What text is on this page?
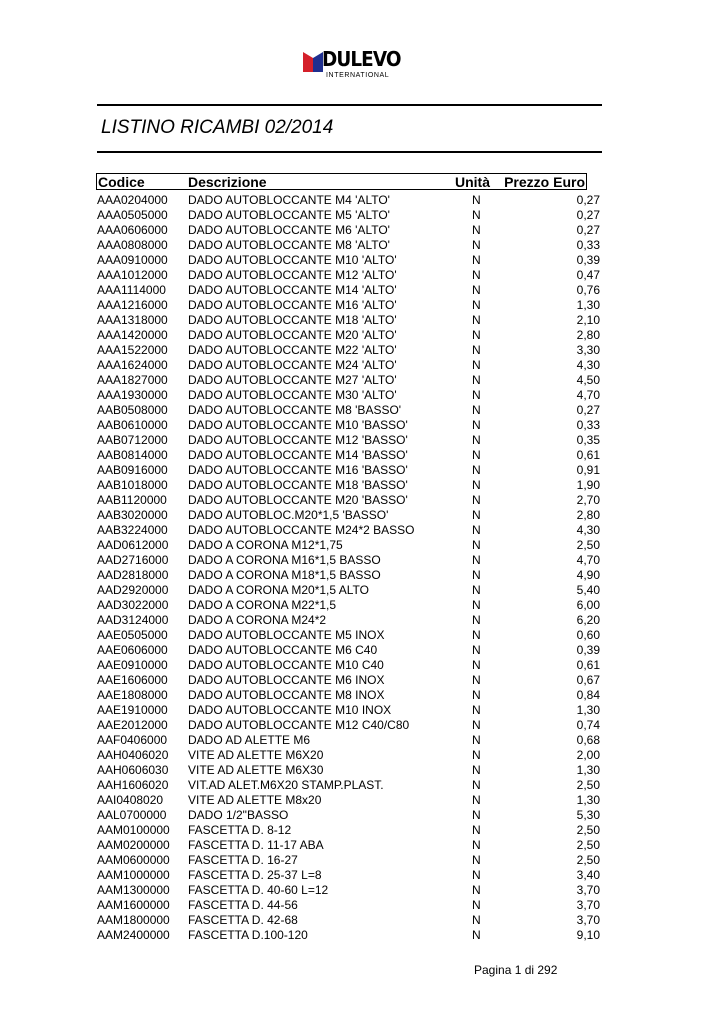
DULEVO
INTERNATIONAL
LISTINO RICAMBI 02/2014
Codice	Descrizione	Unità Prezzo Euro
AAA0204000 DADO AUTOBLOCCANTE M4 'ALTO'	N	0,27
AAA0505000 DADO AUTOBLOCCANTE M5 'ALTO'	N	0,27
AAA0606000 DADO AUTOBLOCCANTE M6 'ALTO'	N	0,27
AAA0808000 DADO AUTOBLOCCANTE M8 'ALTO'	N	0,33
AAA0910000 DADO AUTOBLOCCANTE M10 'ALTO'	N	0,39
AAA1012000 DADO AUTOBLOCCANTE M12 'ALTO'	N	0,47
AAA1114000 DADO AUTOBLOCCANTE M14 'ALTO'	N	0,76
AAA1216000 DADO AUTOBLOCCANTE M16 'ALTO'	N	1,30
AAA1318000 DADO AUTOBLOCCANTE M18 'ALTO'	N	2,10
AAA1420000 DADO AUTOBLOCCANTE M20 'ALTO'	N	2,80
AAA1522000 DADO AUTOBLOCCANTE M22 'ALTO'	N	3,30
AAA1624000 DADO AUTOBLOCCANTE M24 'ALTO'	N	4,30
AAA1827000 DADO AUTOBLOCCANTE M27 'ALTO'	N	4,50
AAA1930000 DADO AUTOBLOCCANTE M30 'ALTO'	N	4,70
AAB0508000 DADO AUTOBLOCCANTE M8 'BASSO'	N	0,27
AAB0610000 DADO AUTOBLOCCANTE M10 'BASSO'	N	0,33
AAB0712000 DADO AUTOBLOCCANTE M12 'BASSO'	N	0,35
AAB0814000 DADO AUTOBLOCCANTE M14 'BASSO'	N	0,61
AAB0916000 DADO AUTOBLOCCANTE M16 'BASSO'	N	0,91
AAB1018000 DADO AUTOBLOCCANTE M18 'BASSO'	N	1,90
AAB1120000 DADO AUTOBLOCCANTE M20 'BASSO'	N	2,70
AAB3020000 DADO AUTOBLOC.M20*1,5 'BASSO'	N	2,80
AAB3224000 DADO AUTOBLOCCANTE M24*2 BASSO	N	4,30
AAD0612000 DADO A CORONA M12*1,75	N	2,50
AAD2716000 DADO A CORONA M16*1,5 BASSO	N	4,70
AAD2818000 DADO A CORONA M18*1,5 BASSO	N	4,90
AAD2920000 DADO A CORONA M20*1,5 ALTO	N	5,40
AAD3022000 DADO A CORONA M22*1,5	N	6,00
AAD3124000 DADO A CORONA M24*2	N	6,20
AAE0505000 DADO AUTOBLOCCANTE M5 INOX	N	0,60
AAE0606000 DADO AUTOBLOCCANTE M6 C40	N	0,39
AAE0910000 DADO AUTOBLOCCANTE M10 C40	N	0,61
AAE1606000 DADO AUTOBLOCCANTE M6 INOX	N	0,67
AAE1808000 DADO AUTOBLOCCANTE M8 INOX	N	0,84
AAE1910000 DADO AUTOBLOCCANTE M10 INOX	N	1,30
AAE2012000 DADO AUTOBLOCCANTE M12 C40/C80	N	0,74
AAF0406000 DADO AD ALETTE M6	N	0,68
AAH0406020 VITE AD ALETTE M6X20	N	2,00
AAH0606030 VITE AD ALETTE M6X30	N	1,30
AAH1606020 VIT.AD ALET.M6X20 STAMP.PLAST.	N	2,50
AAI0408020 VITE AD ALETTE M8x20	N	1,30
AAL0700000 DADO 1/2"BASSO	N	5,30
AAM0100000 FASCETTA D. 8-12	N	2,50
AAM0200000 FASCETTA D. 11-17 ABA	N	2,50
AAM0600000 FASCETTA D. 16-27	N	2,50
AAM1000000 FASCETTA D. 25-37 L=8	N	3,40
AAM1300000 FASCETTA D. 40-60 L=12	N	3,70
AAM1600000 FASCETTA D. 44-56	N	3,70
AAM1800000 FASCETTA D. 42-68	N	3,70
AAM2400000 FASCETTA D.100-120	N	9,10
Pagina 1 di 292
